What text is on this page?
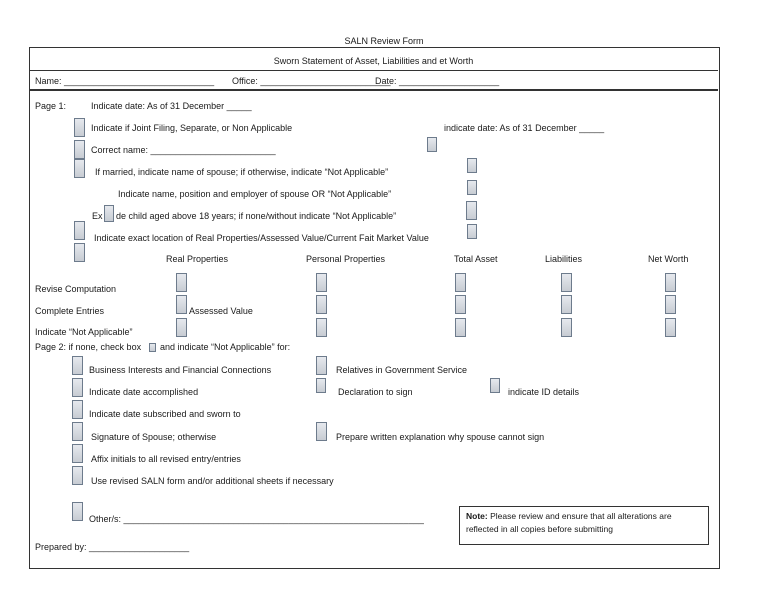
SALN Review Form
Sworn Statement of Asset, Liabilities and et Worth
Name: ______________________________ Office: __________________________
Date: ____________________
Page 1:	Indicate date: As of 31 December _____
Indicate if Joint Filing, Separate, or Non Applicable	indicate date: As of 31 December _____
Correct name: _________________________
If married, indicate name of spouse; if otherwise, indicate “Not Applicable”
Indicate name, position and employer of spouse OR “Not Applicable”
Ex de child aged above 18 years; if none/without indicate “Not Applicable”
Indicate exact location of Real Properties/Assessed Value/Current Fait Market Value
Real Properties	Personal Properties	Total Asset	Liabilities	Net Worth
Revise Computation
Complete Entries	Assessed Value
Indicate “Not Applicable”
Page 2: if none, check box and indicate “Not Applicable” for:
Business Interests and Financial Connections	Relatives in Government Service
Indicate date accomplished	Declaration to sign	indicate ID details
Indicate date subscribed and sworn to
Signature of Spouse; otherwise	Prepare written explanation why spouse cannot sign
Affix initials to all revised entry/entries
Use revised SALN form and/or additional sheets if necessary
Other/s: ____________________________________________________________	Note: Please review and ensure that all alterations are reflected in all copies before submitting
Prepared by: ____________________
